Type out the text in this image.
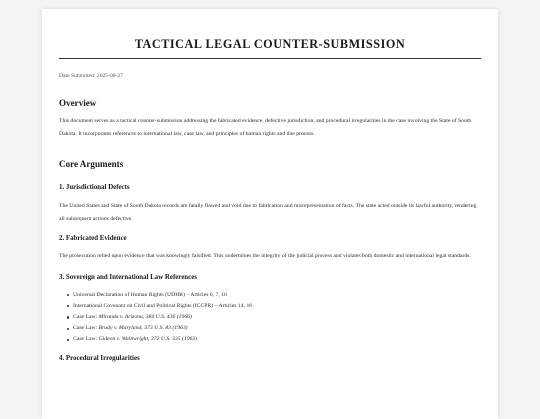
TACTICAL LEGAL COUNTER-SUBMISSION
Date Submitted: 2025-08-27
Overview

This document serves as a tactical counter-submission addressing the fabricated evidence, defective jurisdiction, and procedural irregularities in the case involving the State of South Dakota. It incorporates references to international law, case law, and principles of human rights and due process.

Core Arguments
1. Jurisdictional Defects

The United States and State of South Dakota records are fatally flawed and void due to fabrication and misrepresentation of facts. The state acted outside its lawful authority, rendering all subsequent actions defective.

2. Fabricated Evidence

The prosecution relied upon evidence that was knowingly falsified. This undermines the integrity of the judicial process and violates both domestic and international legal standards.

3. Sovereign and International Law References
Universal Declaration of Human Rights (UDHR) – Articles 6, 7, 10
International Covenant on Civil and Political Rights (ICCPR) – Articles 14, 16
Case Law: Miranda v. Arizona, 384 U.S. 436 (1966)
Case Law: Brady v. Maryland, 373 U.S. 83 (1963)
Case Law: Gideon v. Wainwright, 372 U.S. 335 (1963)
4. Procedural Irregularities
